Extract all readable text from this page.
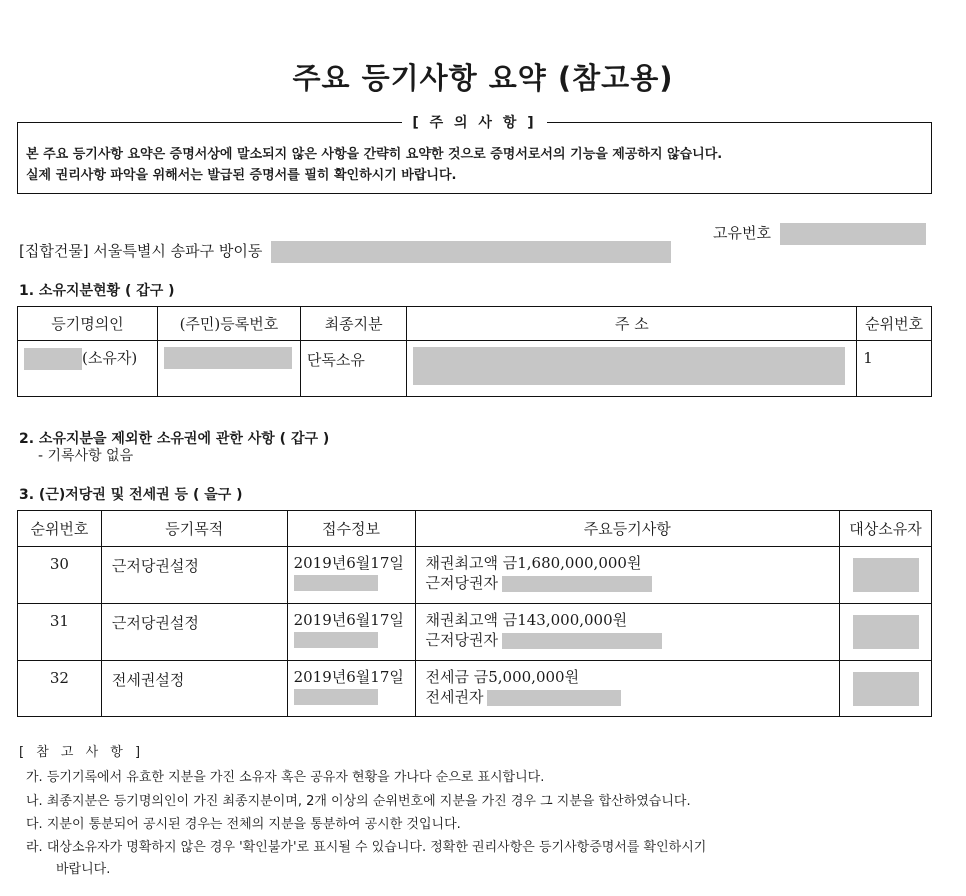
주요 등기사항 요약 (참고용)
[ 주 의 사 항 ]
본 주요 등기사항 요약은 증명서상에 말소되지 않은 사항을 간략히 요약한 것으로 증명서로서의 기능을 제공하지 않습니다.
실제 권리사항 파악을 위해서는 발급된 증명서를 필히 확인하시기 바랍니다.
고유번호
[집합건물] 서울특별시 송파구 방이동
1. 소유지분현황 ( 갑구 )
등기명의인	(주민)등록번호	최종지분	주 소	순위번호
(소유자)		단독소유		1
2. 소유지분을 제외한 소유권에 관한 사항 ( 갑구 )
- 기록사항 없음
3. (근)저당권 및 전세권 등 ( 을구 )
순위번호	등기목적	접수정보	주요등기사항	대상소유자
30	근저당권설정	2019년6월17일	채권최고액 금1,680,000,000원
근저당권자	

31	근저당권설정	2019년6월17일	채권최고액 금143,000,000원
근저당권자	

32	전세권설정	2019년6월17일	전세금 금5,000,000원
전세권자	

[ 참 고 사 항 ]
가. 등기기록에서 유효한 지분을 가진 소유자 혹은 공유자 현황을 가나다 순으로 표시합니다.
나. 최종지분은 등기명의인이 가진 최종지분이며, 2개 이상의 순위번호에 지분을 가진 경우 그 지분을 합산하였습니다.
다. 지분이 통분되어 공시된 경우는 전체의 지분을 통분하여 공시한 것입니다.
라. 대상소유자가 명확하지 않은 경우 '확인불가'로 표시될 수 있습니다. 정확한 권리사항은 등기사항증명서를 확인하시기
바랍니다.
